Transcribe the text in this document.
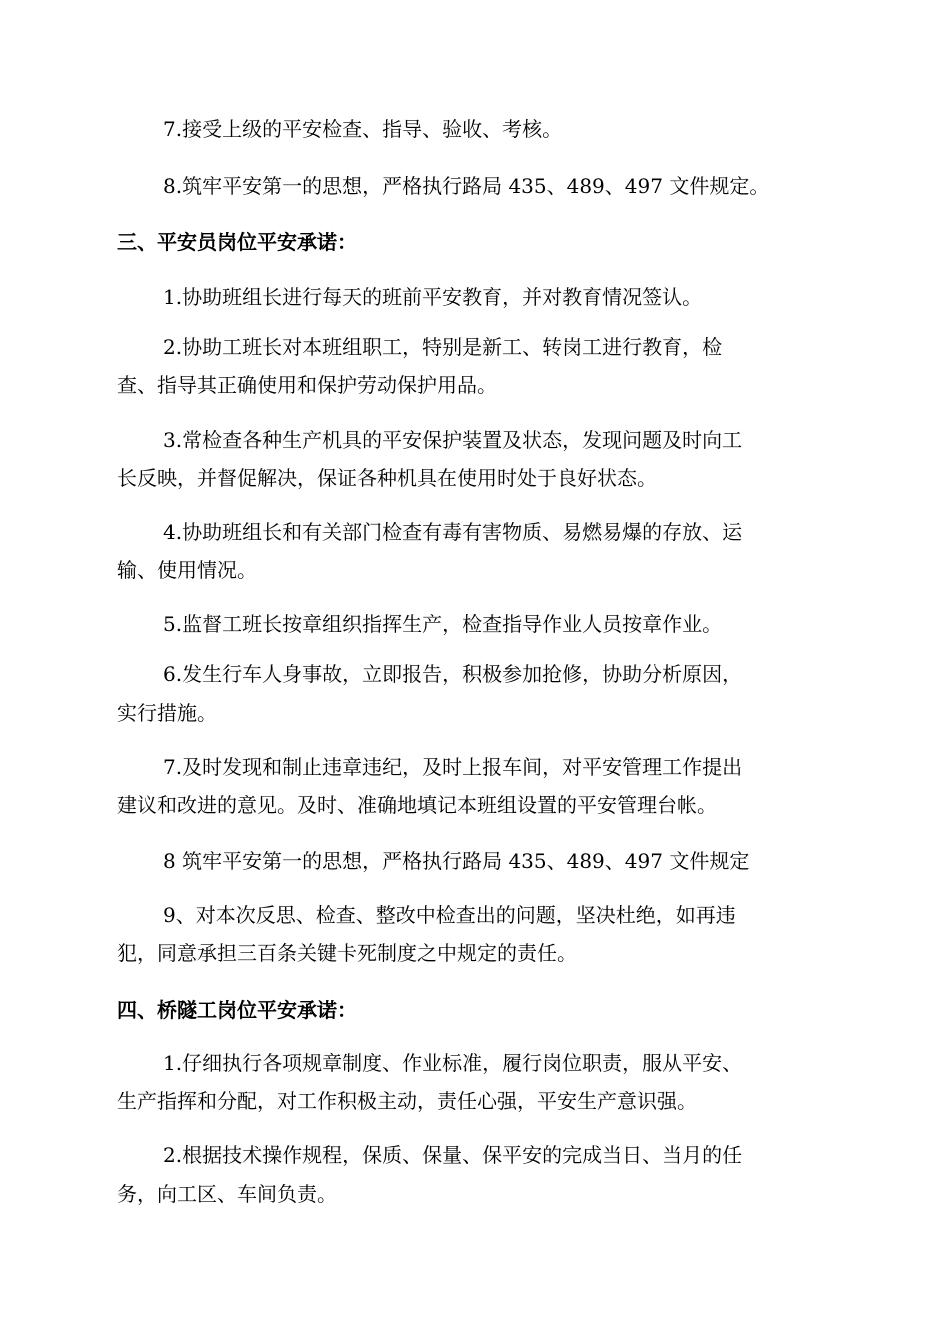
7.接受上级的平安检查、指导、验收、考核。
8.筑牢平安第一的思想，严格执行路局 435、489、497 文件规定。
三、平安员岗位平安承诺：
1.协助班组长进行每天的班前平安教育，并对教育情况签认。
2.协助工班长对本班组职工，特别是新工、转岗工进行教育，检
查、指导其正确使用和保护劳动保护用品。
3.常检查各种生产机具的平安保护装置及状态，发现问题及时向工
长反映，并督促解决，保证各种机具在使用时处于良好状态。
4.协助班组长和有关部门检查有毒有害物质、易燃易爆的存放、运
输、使用情况。
5.监督工班长按章组织指挥生产，检查指导作业人员按章作业。
6.发生行车人身事故，立即报告，积极参加抢修，协助分析原因，
实行措施。
7.及时发现和制止违章违纪，及时上报车间，对平安管理工作提出
建议和改进的意见。及时、准确地填记本班组设置的平安管理台帐。
8 筑牢平安第一的思想，严格执行路局 435、489、497 文件规定
9、对本次反思、检查、整改中检查出的问题，坚决杜绝，如再违
犯，同意承担三百条关键卡死制度之中规定的责任。
四、桥隧工岗位平安承诺：
1.仔细执行各项规章制度、作业标准，履行岗位职责，服从平安、
生产指挥和分配，对工作积极主动，责任心强，平安生产意识强。
2.根据技术操作规程，保质、保量、保平安的完成当日、当月的任
务，向工区、车间负责。
